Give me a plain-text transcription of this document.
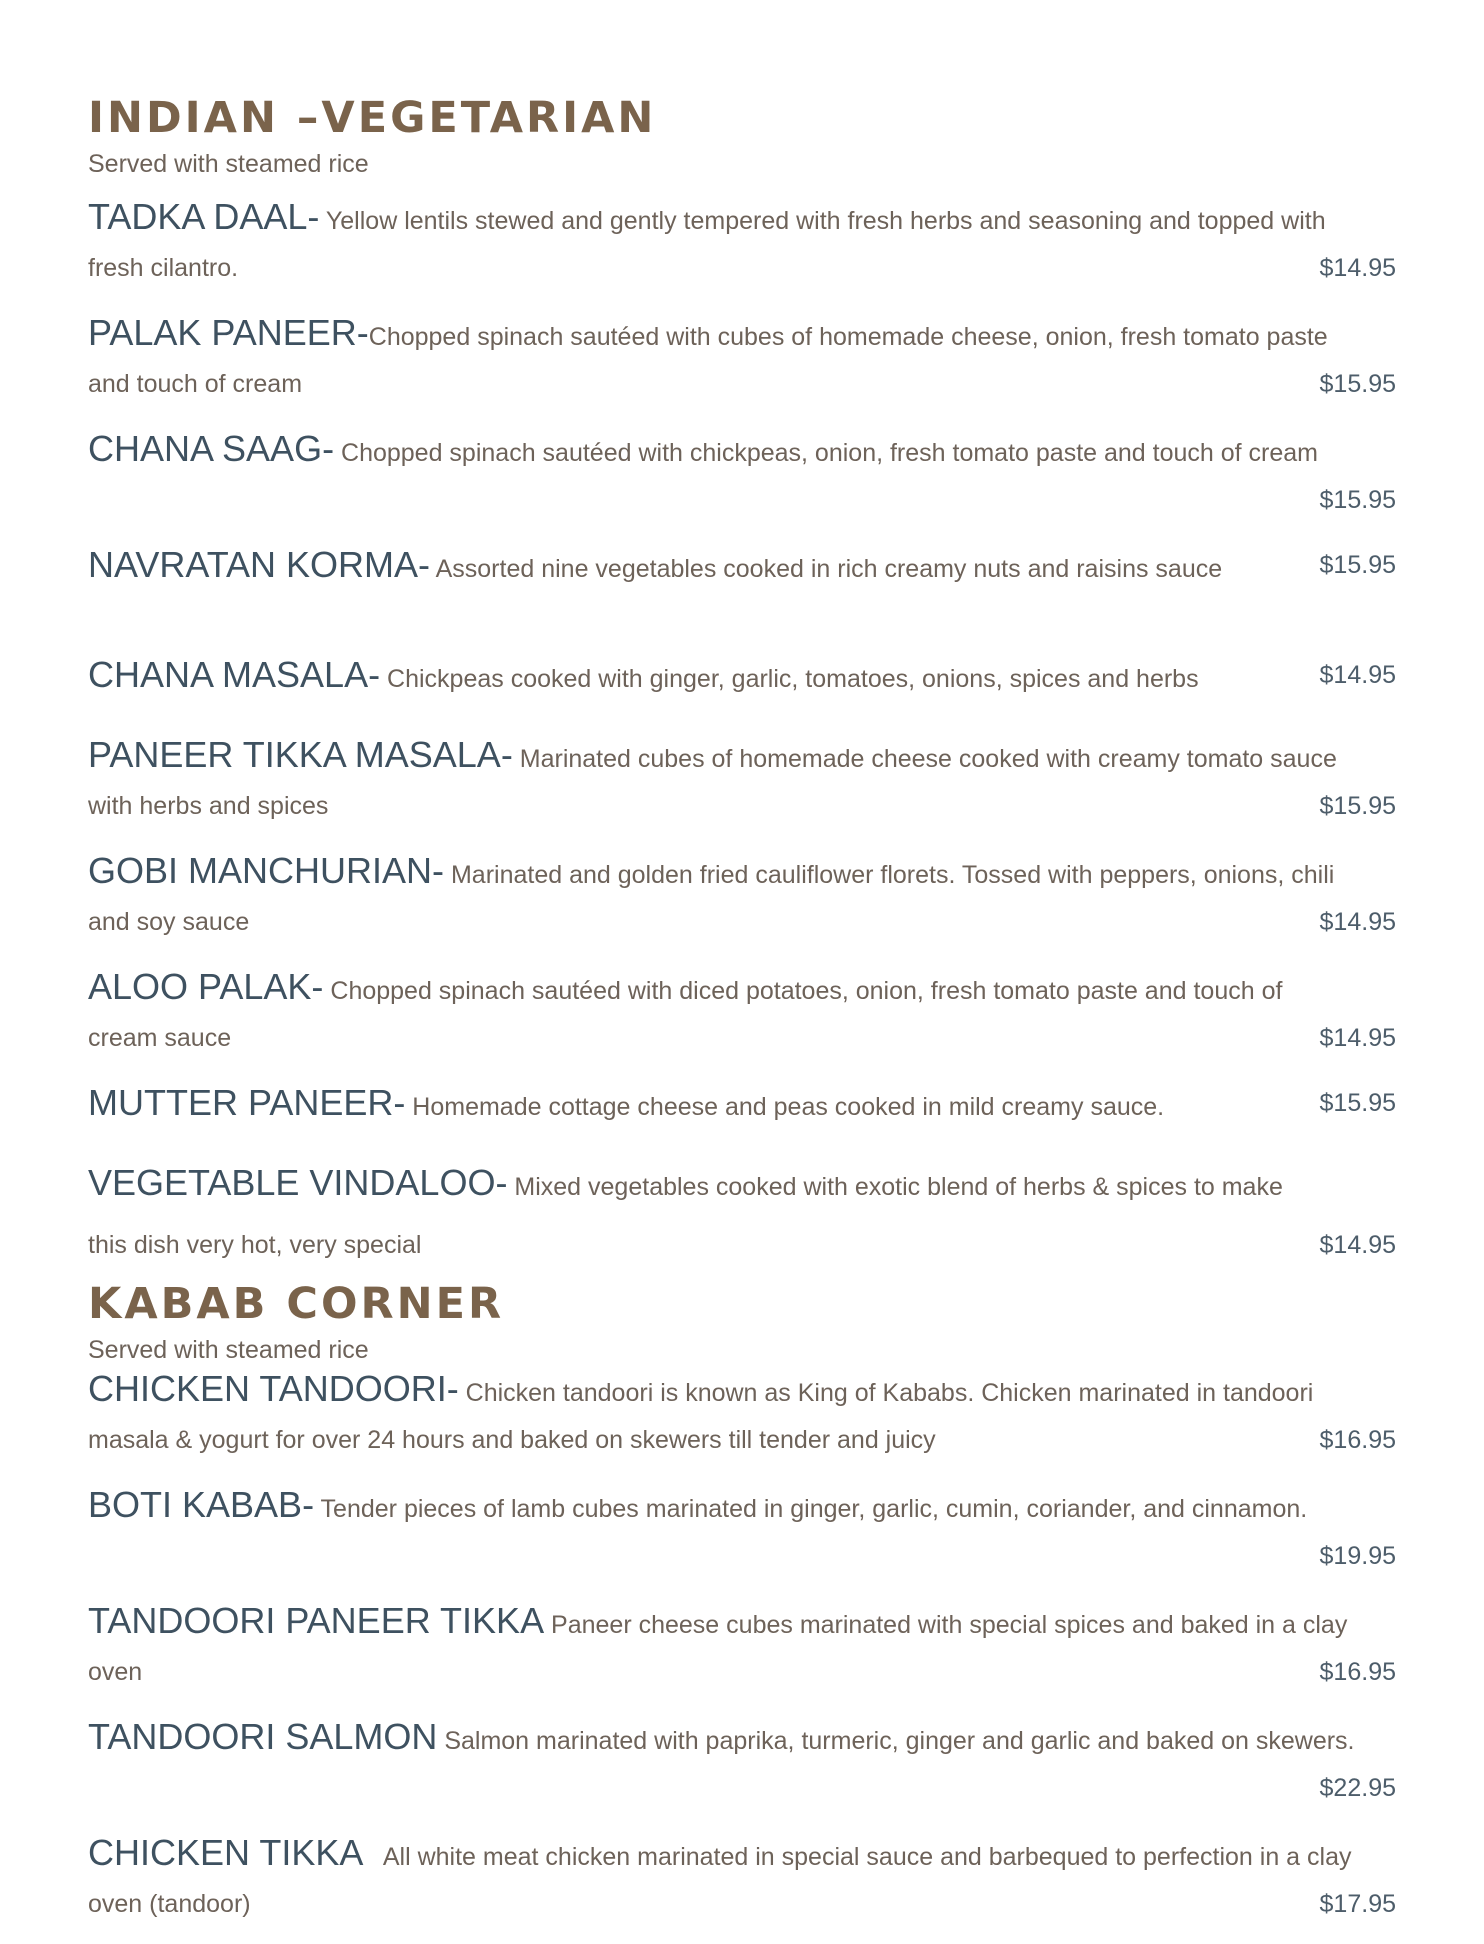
INDIAN –VEGETARIAN

Served with steamed rice

TADKA DAAL- Yellow lentils stewed and gently tempered with fresh herbs and seasoning and topped with
fresh cilantro.	$14.95
PALAK PANEER-Chopped spinach sautéed with cubes of homemade cheese, onion, fresh tomato paste
and touch of cream	$15.95
CHANA SAAG- Chopped spinach sautéed with chickpeas, onion, fresh tomato paste and touch of cream
$15.95
NAVRATAN KORMA- Assorted nine vegetables cooked in rich creamy nuts and raisins sauce	$15.95
CHANA MASALA- Chickpeas cooked with ginger, garlic, tomatoes, onions, spices and herbs	$14.95
PANEER TIKKA MASALA- Marinated cubes of homemade cheese cooked with creamy tomato sauce
with herbs and spices	$15.95
GOBI MANCHURIAN- Marinated and golden fried cauliflower florets. Tossed with peppers, onions, chili
and soy sauce	$14.95
ALOO PALAK- Chopped spinach sautéed with diced potatoes, onion, fresh tomato paste and touch of
cream sauce	$14.95
MUTTER PANEER- Homemade cottage cheese and peas cooked in mild creamy sauce.	$15.95
VEGETABLE VINDALOO- Mixed vegetables cooked with exotic blend of herbs & spices to make
this dish very hot, very special	$14.95
KABAB CORNER

Served with steamed rice

CHICKEN TANDOORI- Chicken tandoori is known as King of Kababs. Chicken marinated in tandoori
masala & yogurt for over 24 hours and baked on skewers till tender and juicy	$16.95
BOTI KABAB- Tender pieces of lamb cubes marinated in ginger, garlic, cumin, coriander, and cinnamon.
$19.95
TANDOORI PANEER TIKKA Paneer cheese cubes marinated with special spices and baked in a clay
oven	$16.95
TANDOORI SALMON Salmon marinated with paprika, turmeric, ginger and garlic and baked on skewers.
$22.95
CHICKEN TIKKA   All white meat chicken marinated in special sauce and barbequed to perfection in a clay
oven (tandoor)	$17.95
